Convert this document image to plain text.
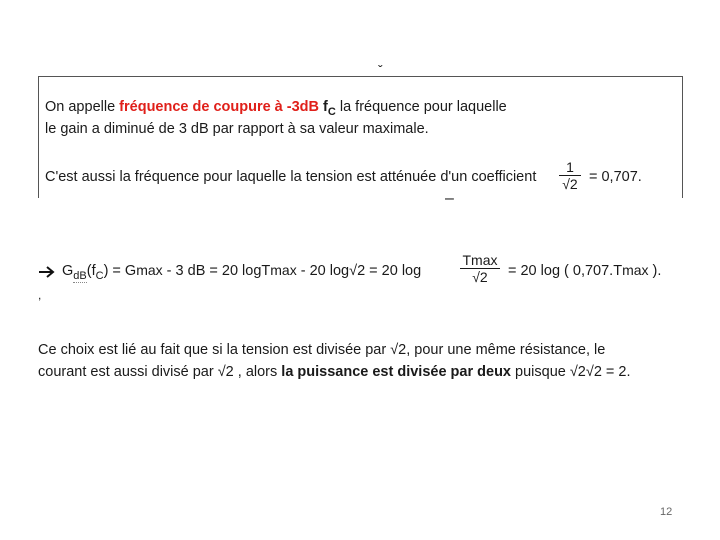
ˇ
On appelle fréquence de coupure à -3dB $f_C$ la fréquence pour laquelle
le gain a diminué de 3 dB par rapport à sa valeur maximale.
C'est aussi la fréquence pour laquelle la tension est atténuée d'un coefficient $\frac{1}{√2} = 0,707$.
–
$G_{dB}(f_C) = Gmax - 3$ dB = 20 logTmax - 20 log√2 = 20 log
Tmax
√2	= 20 log ( 0,707.Tmax ).
,
Ce choix est lié au fait que si la tension est divisée par √2, pour une même résistance, le
courant est aussi divisé par √2 , alors la puissance est divisée par deux puisque √2√2 = 2.
12
